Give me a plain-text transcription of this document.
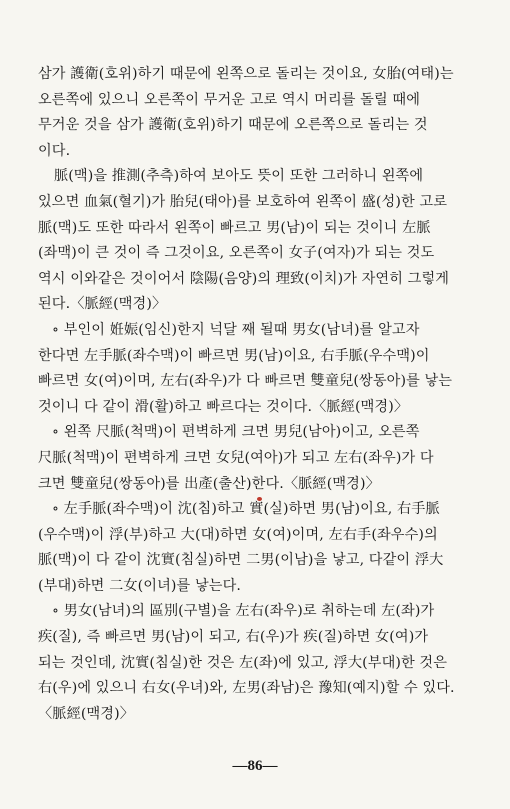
삼가 護衛(호위)하기 때문에 왼쪽으로 돌리는 것이요, 女胎(여태)는
오른쪽에 있으니 오른쪽이 무거운 고로 역시 머리를 돌릴 때에
무거운 것을 삼가 護衛(호위)하기 때문에 오른쪽으로 돌리는 것
이다.
脈(맥)을 推測(추측)하여 보아도 뜻이 또한 그러하니 왼쪽에
있으면 血氣(혈기)가 胎兒(태아)를 보호하여 왼쪽이 盛(성)한 고로
脈(맥)도 또한 따라서 왼쪽이 빠르고 男(남)이 되는 것이니 左脈
(좌맥)이 큰 것이 즉 그것이요, 오른쪽이 女子(여자)가 되는 것도
역시 이와같은 것이어서 陰陽(음양)의 理致(이치)가 자연히 그렇게
된다.〈脈經(맥경)〉
∘ 부인이 姙娠(임신)한지 넉달 째 될때 男女(남녀)를 알고자
한다면 左手脈(좌수맥)이 빠르면 男(남)이요, 右手脈(우수맥)이
빠르면 女(여)이며, 左右(좌우)가 다 빠르면 雙童兒(쌍동아)를 낳는
것이니 다 같이 滑(활)하고 빠르다는 것이다.〈脈經(맥경)〉
∘ 왼쪽 尺脈(척맥)이 편벽하게 크면 男兒(남아)이고, 오른쪽
尺脈(척맥)이 편벽하게 크면 女兒(여아)가 되고 左右(좌우)가 다
크면 雙童兒(쌍동아)를 出產(출산)한다.〈脈經(맥경)〉
∘ 左手脈(좌수맥)이 沈(침)하고 實(실)하면 男(남)이요, 右手脈
(우수맥)이 浮(부)하고 大(대)하면 女(여)이며, 左右手(좌우수)의
脈(맥)이 다 같이 沈實(침실)하면 二男(이남)을 낳고, 다같이 浮大
(부대)하면 二女(이녀)를 낳는다.
∘ 男女(남녀)의 區別(구별)을 左右(좌우)로 취하는데 左(좌)가
疾(질), 즉 빠르면 男(남)이 되고, 右(우)가 疾(질)하면 女(여)가
되는 것인데, 沈實(침실)한 것은 左(좌)에 있고, 浮大(부대)한 것은
右(우)에 있으니 右女(우녀)와, 左男(좌남)은 豫知(예지)할 수 있다.
〈脈經(맥경)〉
—86—
